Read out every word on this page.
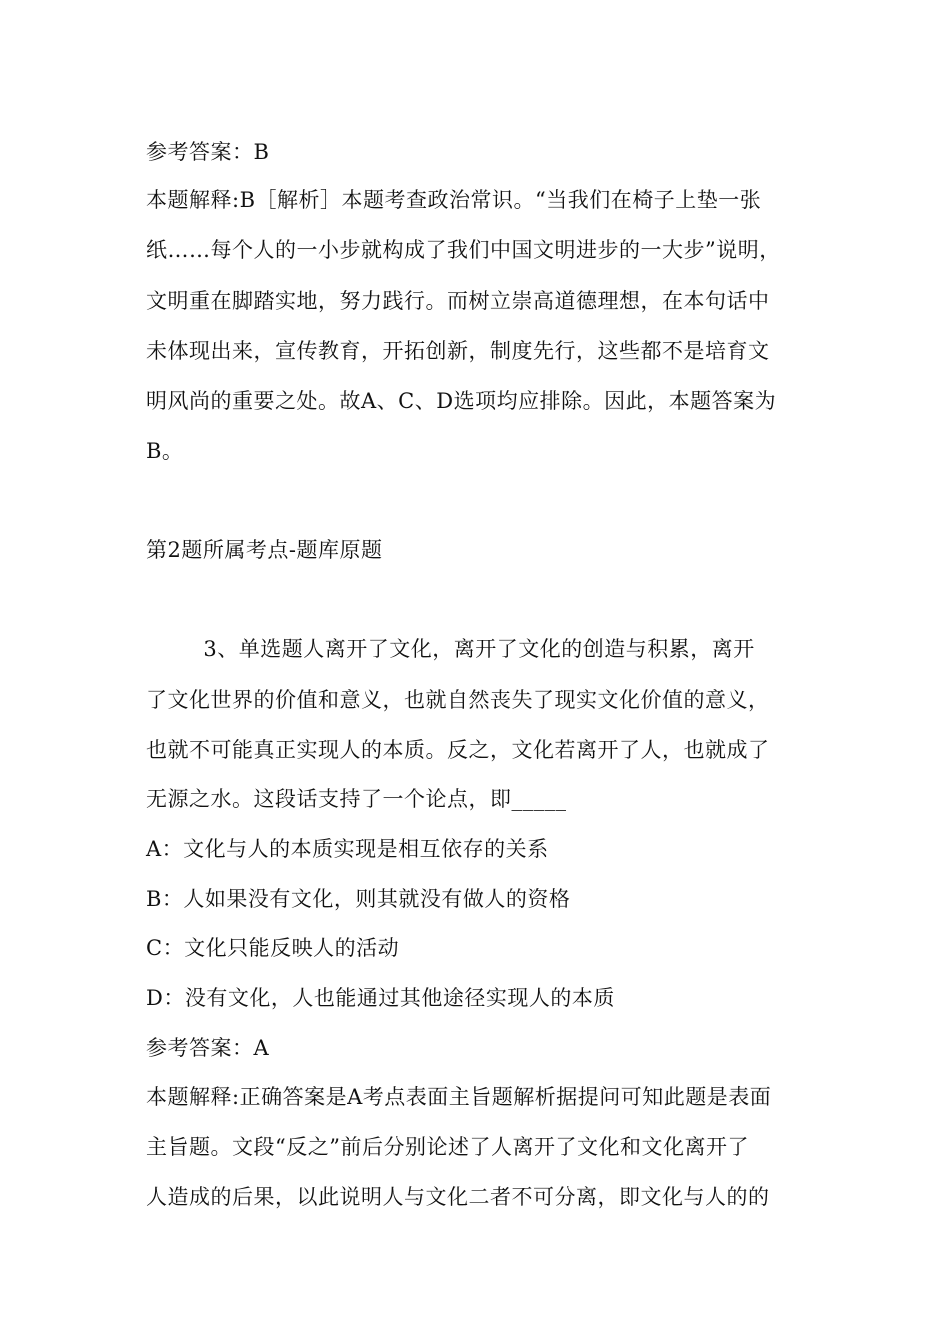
参考答案：B
本题解释:B［解析］本题考查政治常识。“当我们在椅子上垫一张
纸……每个人的一小步就构成了我们中国文明进步的一大步”说明，
文明重在脚踏实地，努力践行。而树立崇高道德理想，在本句话中
未体现出来，宣传教育，开拓创新，制度先行，这些都不是培育文
明风尚的重要之处。故A、C、D选项均应排除。因此，本题答案为
B。
第2题所属考点-题库原题
3、单选题人离开了文化，离开了文化的创造与积累，离开
了文化世界的价值和意义，也就自然丧失了现实文化价值的意义，
也就不可能真正实现人的本质。反之，文化若离开了人，也就成了
无源之水。这段话支持了一个论点，即_____
A：文化与人的本质实现是相互依存的关系
B：人如果没有文化，则其就没有做人的资格
C：文化只能反映人的活动
D：没有文化，人也能通过其他途径实现人的本质
参考答案：A
本题解释:正确答案是A考点表面主旨题解析据提问可知此题是表面
主旨题。文段“反之”前后分别论述了人离开了文化和文化离开了
人造成的后果，以此说明人与文化二者不可分离，即文化与人的的
